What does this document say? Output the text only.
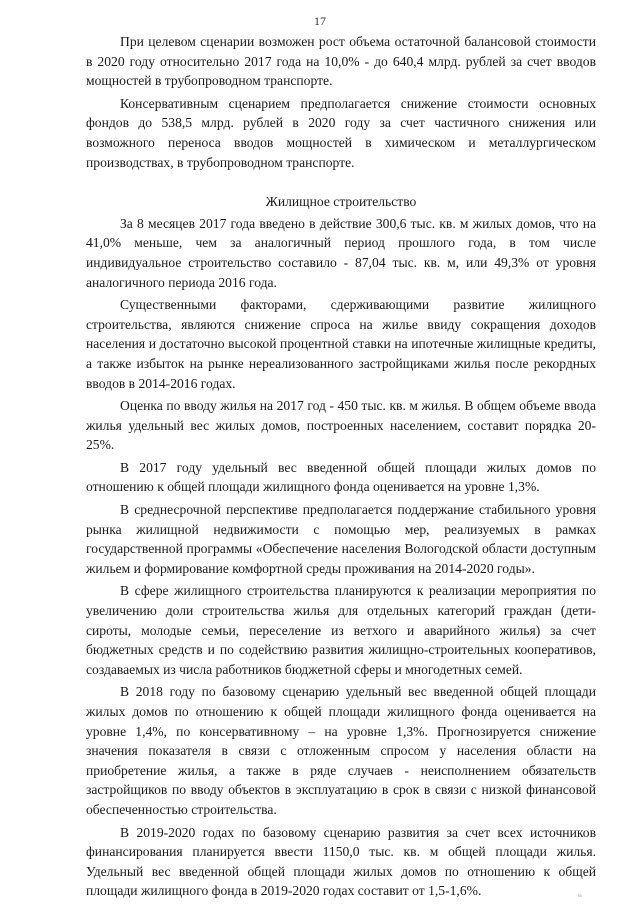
17

При целевом сценарии возможен рост объема остаточной балансовой стоимости в 2020 году относительно 2017 года на 10,0% - до 640,4 млрд. рублей за счет вводов мощностей в трубопроводном транспорте.

Консервативным сценарием предполагается снижение стоимости основных фондов до 538,5 млрд. рублей в 2020 году за счет частичного снижения или возможного переноса вводов мощностей в химическом и металлургическом производствах, в трубопроводном транспорте.

Жилищное строительство

За 8 месяцев 2017 года введено в действие 300,6 тыс. кв. м жилых домов, что на 41,0% меньше, чем за аналогичный период прошлого года, в том числе индивидуальное строительство составило - 87,04 тыс. кв. м, или 49,3% от уровня аналогичного периода 2016 года.

Существенными факторами, сдерживающими развитие жилищного строительства, являются снижение спроса на жилье ввиду сокращения доходов населения и достаточно высокой процентной ставки на ипотечные жилищные кредиты, а также избыток на рынке нереализованного застройщиками жилья после рекордных вводов в 2014-2016 годах.

Оценка по вводу жилья на 2017 год - 450 тыс. кв. м жилья. В общем объеме ввода жилья удельный вес жилых домов, построенных населением, составит порядка 20-25%.

В 2017 году удельный вес введенной общей площади жилых домов по отношению к общей площади жилищного фонда оценивается на уровне 1,3%.

В среднесрочной перспективе предполагается поддержание стабильного уровня рынка жилищной недвижимости с помощью мер, реализуемых в рамках государственной программы «Обеспечение населения Вологодской области доступным жильем и формирование комфортной среды проживания на 2014-2020 годы».

В сфере жилищного строительства планируются к реализации мероприятия по увеличению доли строительства жилья для отдельных категорий граждан (дети-сироты, молодые семьи, переселение из ветхого и аварийного жилья) за счет бюджетных средств и по содействию развития жилищно-строительных кооперативов, создаваемых из числа работников бюджетной сферы и многодетных семей.

В 2018 году по базовому сценарию удельный вес введенной общей площади жилых домов по отношению к общей площади жилищного фонда оценивается на уровне 1,4%, по консервативному – на уровне 1,3%. Прогнозируется снижение значения показателя в связи с отложенным спросом у населения области на приобретение жилья, а также в ряде случаев - неисполнением обязательств застройщиков по вводу объектов в эксплуатацию в срок в связи с низкой финансовой обеспеченностью строительства.

В 2019-2020 годах по базовому сценарию развития за счет всех источников финансирования планируется ввести 1150,0 тыс. кв. м общей площади жилья. Удельный вес введенной общей площади жилых домов по отношению к общей площади жилищного фонда в 2019-2020 годах составит от 1,5-1,6%.	ⁱ⁶
